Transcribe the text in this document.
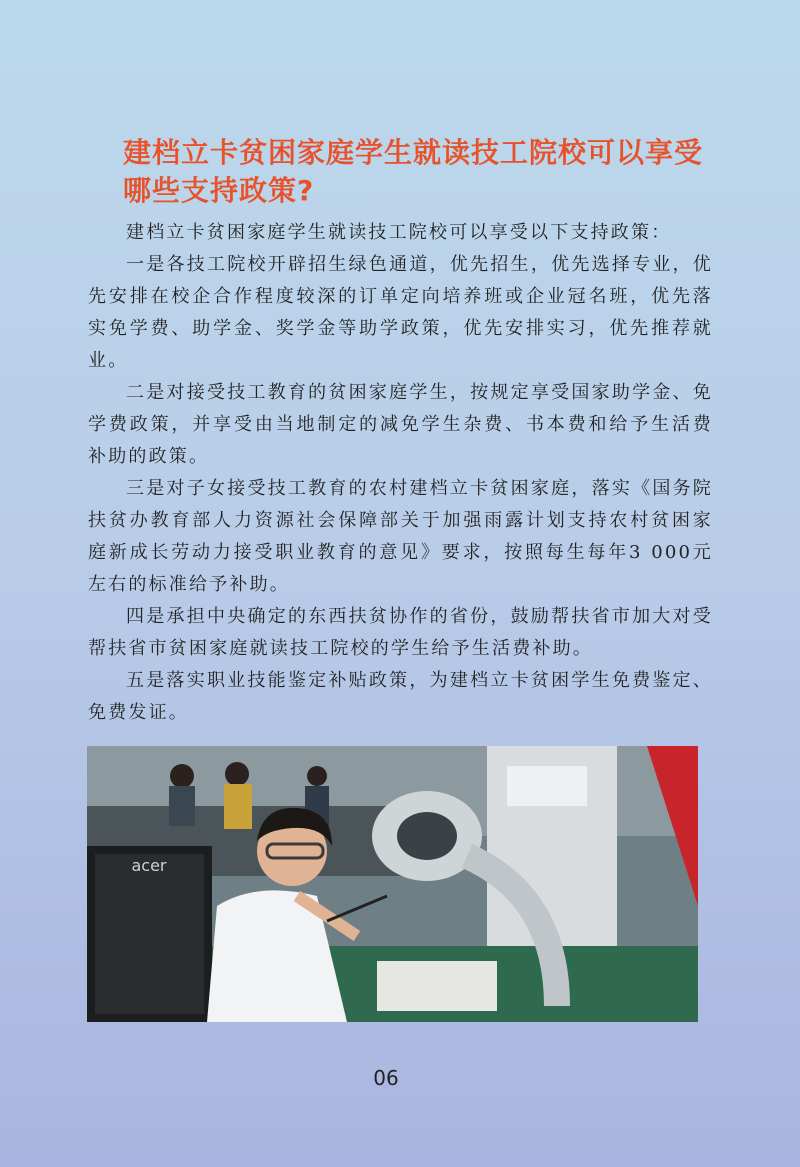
建档立卡贫困家庭学生就读技工院校可以享受哪些支持政策?

建档立卡贫困家庭学生就读技工院校可以享受以下支持政策：

一是各技工院校开辟招生绿色通道，优先招生，优先选择专业，优先安排在校企合作程度较深的订单定向培养班或企业冠名班，优先落实免学费、助学金、奖学金等助学政策，优先安排实习，优先推荐就业。

二是对接受技工教育的贫困家庭学生，按规定享受国家助学金、免学费政策，并享受由当地制定的减免学生杂费、书本费和给予生活费补助的政策。

三是对子女接受技工教育的农村建档立卡贫困家庭，落实《国务院扶贫办教育部人力资源社会保障部关于加强雨露计划支持农村贫困家庭新成长劳动力接受职业教育的意见》要求，按照每生每年3 000元左右的标准给予补助。

四是承担中央确定的东西扶贫协作的省份，鼓励帮扶省市加大对受帮扶省市贫困家庭就读技工院校的学生给予生活费补助。

五是落实职业技能鉴定补贴政策，为建档立卡贫困学生免费鉴定、免费发证。

acer
06
